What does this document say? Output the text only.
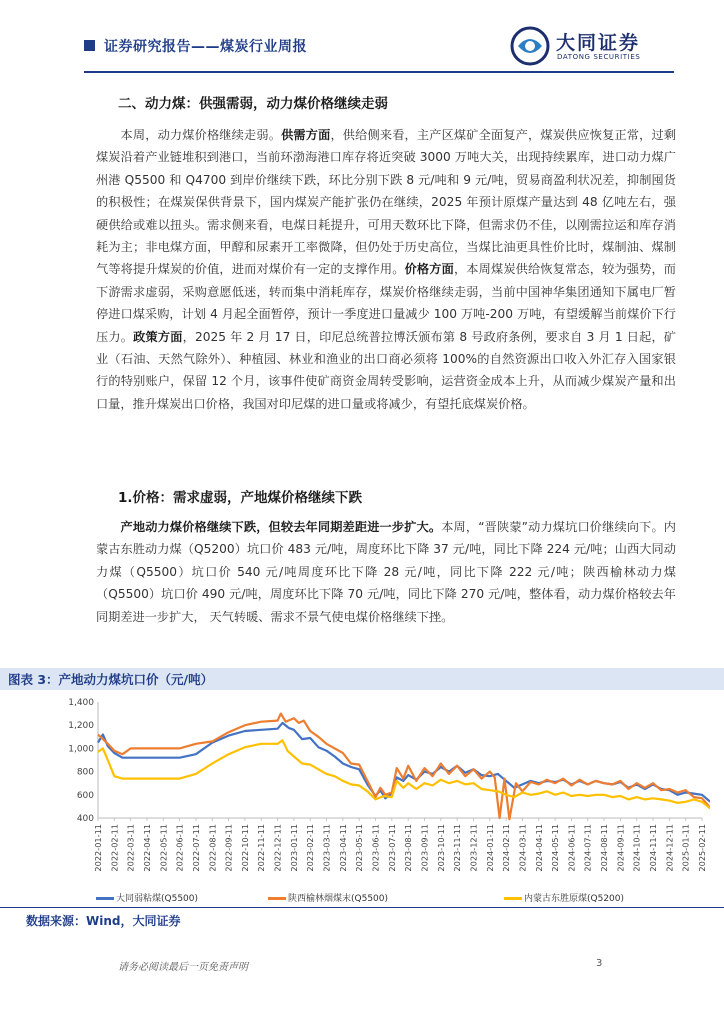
证券研究报告——煤炭行业周报	大同证券
DATONG SECURITIES
二、动力煤：供强需弱，动力煤价格继续走弱
  本周，动力煤价格继续走弱。供需方面，供给侧来看，主产区煤矿全面复产，煤炭供应恢复正常，过剩煤炭沿着产业链堆积到港口，当前环渤海港口库存将近突破 3000 万吨大关，出现持续累库，进口动力煤广州港 Q5500 和 Q4700 到岸价继续下跌，环比分别下跌 8 元/吨和 9 元/吨，贸易商盈利状况差，抑制囤货的积极性；在煤炭保供背景下，国内煤炭产能扩张仍在继续，2025 年预计原煤产量达到 48 亿吨左右，强硬供给或难以扭头。需求侧来看，电煤日耗提升，可用天数环比下降，但需求仍不佳，以刚需拉运和库存消耗为主；非电煤方面，甲醇和尿素开工率微降，但仍处于历史高位，当煤比油更具性价比时，煤制油、煤制气等将提升煤炭的价值，进而对煤价有一定的支撑作用。价格方面，本周煤炭供给恢复常态，较为强势，而下游需求虚弱，采购意愿低迷，转而集中消耗库存，煤炭价格继续走弱，当前中国神华集团通知下属电厂暂停进口煤采购，计划 4 月起全面暂停，预计一季度进口量减少 100 万吨-200 万吨，有望缓解当前煤价下行压力。政策方面，2025 年 2 月 17 日，印尼总统普拉博沃颁布第 8 号政府条例，要求自 3 月 1 日起，矿业（石油、天然气除外）、种植园、林业和渔业的出口商必须将 100%的自然资源出口收入外汇存入国家银行的特别账户，保留 12 个月，该事件使矿商资金周转受影响，运营资金成本上升，从而减少煤炭产量和出口量，推升煤炭出口价格，我国对印尼煤的进口量或将减少，有望托底煤炭价格。
1.价格：需求虚弱，产地煤价格继续下跌
  产地动力煤价格继续下跌，但较去年同期差距进一步扩大。本周，“晋陕蒙”动力煤坑口价继续向下。内蒙古东胜动力煤（Q5200）坑口价 483 元/吨，周度环比下降 37 元/吨，同比下降 224 元/吨；山西大同动力煤（Q5500）坑口价 540 元/吨周度环比下降 28 元/吨，同比下降 222 元/吨；陕西榆林动力煤（Q5500）坑口价 490 元/吨，周度环比下降 70 元/吨，同比下降 270 元/吨，整体看，动力煤价格较去年同期差进一步扩大， 天气转暖、需求不景气使电煤价格继续下挫。
图表 3：产地动力煤坑口价（元/吨）
400
600
800
1,000
1,200
1,400
2022-01-11 2022-02-11 2022-03-11 2022-04-11 2022-05-11 2022-06-11 2022-07-11 2022-08-11 2022-09-11 2022-10-11 2022-11-11 2022-12-11 2023-01-11 2023-02-11 2023-03-11 2023-04-11 2023-05-11 2023-06-11 2023-07-11 2023-08-11 2023-09-11 2023-10-11 2023-11-11 2023-12-11 2024-01-11 2024-02-11 2024-03-11 2024-04-11 2024-05-11 2024-06-11 2024-07-11 2024-08-11 2024-09-11 2024-10-11 2024-11-11 2024-12-11 2025-01-11 2025-02-11
大同弱粘煤(Q5500)	陕西榆林烟煤末(Q5500)	内蒙古东胜原煤(Q5200)
数据来源：Wind，大同证券
请务必阅读最后一页免责声明	3
